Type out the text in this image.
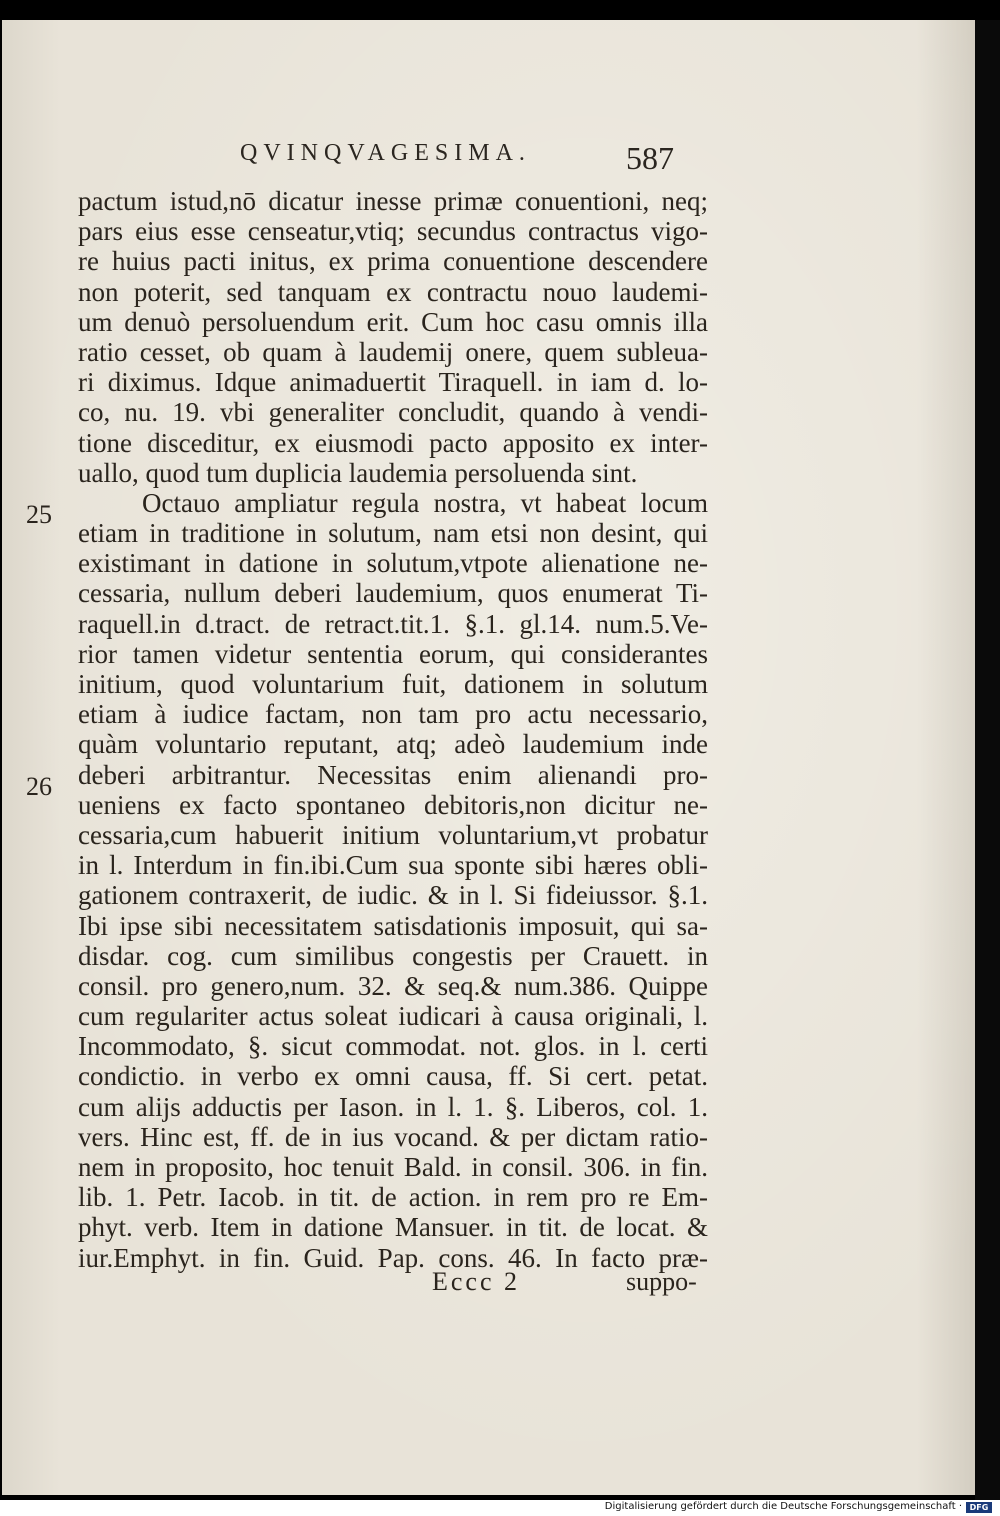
QVINQVAGESIMA.	587
25
26
pactum istud,nō dicatur inesse primæ conuentioni, neq;
pars eius esse censeatur,vtiq; secundus contractus vigo-
re huius pacti initus, ex prima conuentione descendere
non poterit, sed tanquam ex contractu nouo laudemi-
um denuò persoluendum erit. Cum hoc casu omnis illa
ratio cesset, ob quam à laudemij onere, quem subleua-
ri diximus. Idque animaduertit Tiraquell. in iam d. lo-
co, nu. 19. vbi generaliter concludit, quando à vendi-
tione disceditur, ex eiusmodi pacto apposito ex inter-
uallo, quod tum duplicia laudemia persoluenda sint.
Octauo ampliatur regula nostra, vt habeat locum
etiam in traditione in solutum, nam etsi non desint, qui
existimant in datione in solutum,vtpote alienatione ne-
cessaria, nullum deberi laudemium, quos enumerat Ti-
raquell.in d.tract. de retract.tit.1. §.1. gl.14. num.5.Ve-
rior tamen videtur sententia eorum, qui considerantes
initium, quod voluntarium fuit, dationem in solutum
etiam à iudice factam, non tam pro actu necessario,
quàm voluntario reputant, atq; adeò laudemium inde
deberi arbitrantur. Necessitas enim alienandi pro-
ueniens ex facto spontaneo debitoris,non dicitur ne-
cessaria,cum habuerit initium voluntarium,vt probatur
in l. Interdum in fin.ibi.Cum sua sponte sibi hæres obli-
gationem contraxerit, de iudic. & in l. Si fideiussor. §.1.
Ibi ipse sibi necessitatem satisdationis imposuit, qui sa-
disdar. cog. cum similibus congestis per Crauett. in
consil. pro genero,num. 32. & seq.& num.386. Quippe
cum regulariter actus soleat iudicari à causa originali, l.
Incommodato, §. sicut commodat. not. glos. in l. certi
condictio. in verbo ex omni causa, ff. Si cert. petat.
cum alijs adductis per Iason. in l. 1. §. Liberos, col. 1.
vers. Hinc est, ff. de in ius vocand. & per dictam ratio-
nem in proposito, hoc tenuit Bald. in consil. 306. in fin.
lib. 1. Petr. Iacob. in tit. de action. in rem pro re Em-
phyt. verb. Item in datione Mansuer. in tit. de locat. &
iur.Emphyt. in fin. Guid. Pap. cons. 46. In facto præ-
Eccc 2	suppo-
Digitalisierung gefördert durch die Deutsche Forschungsgemeinschaft · DFG
